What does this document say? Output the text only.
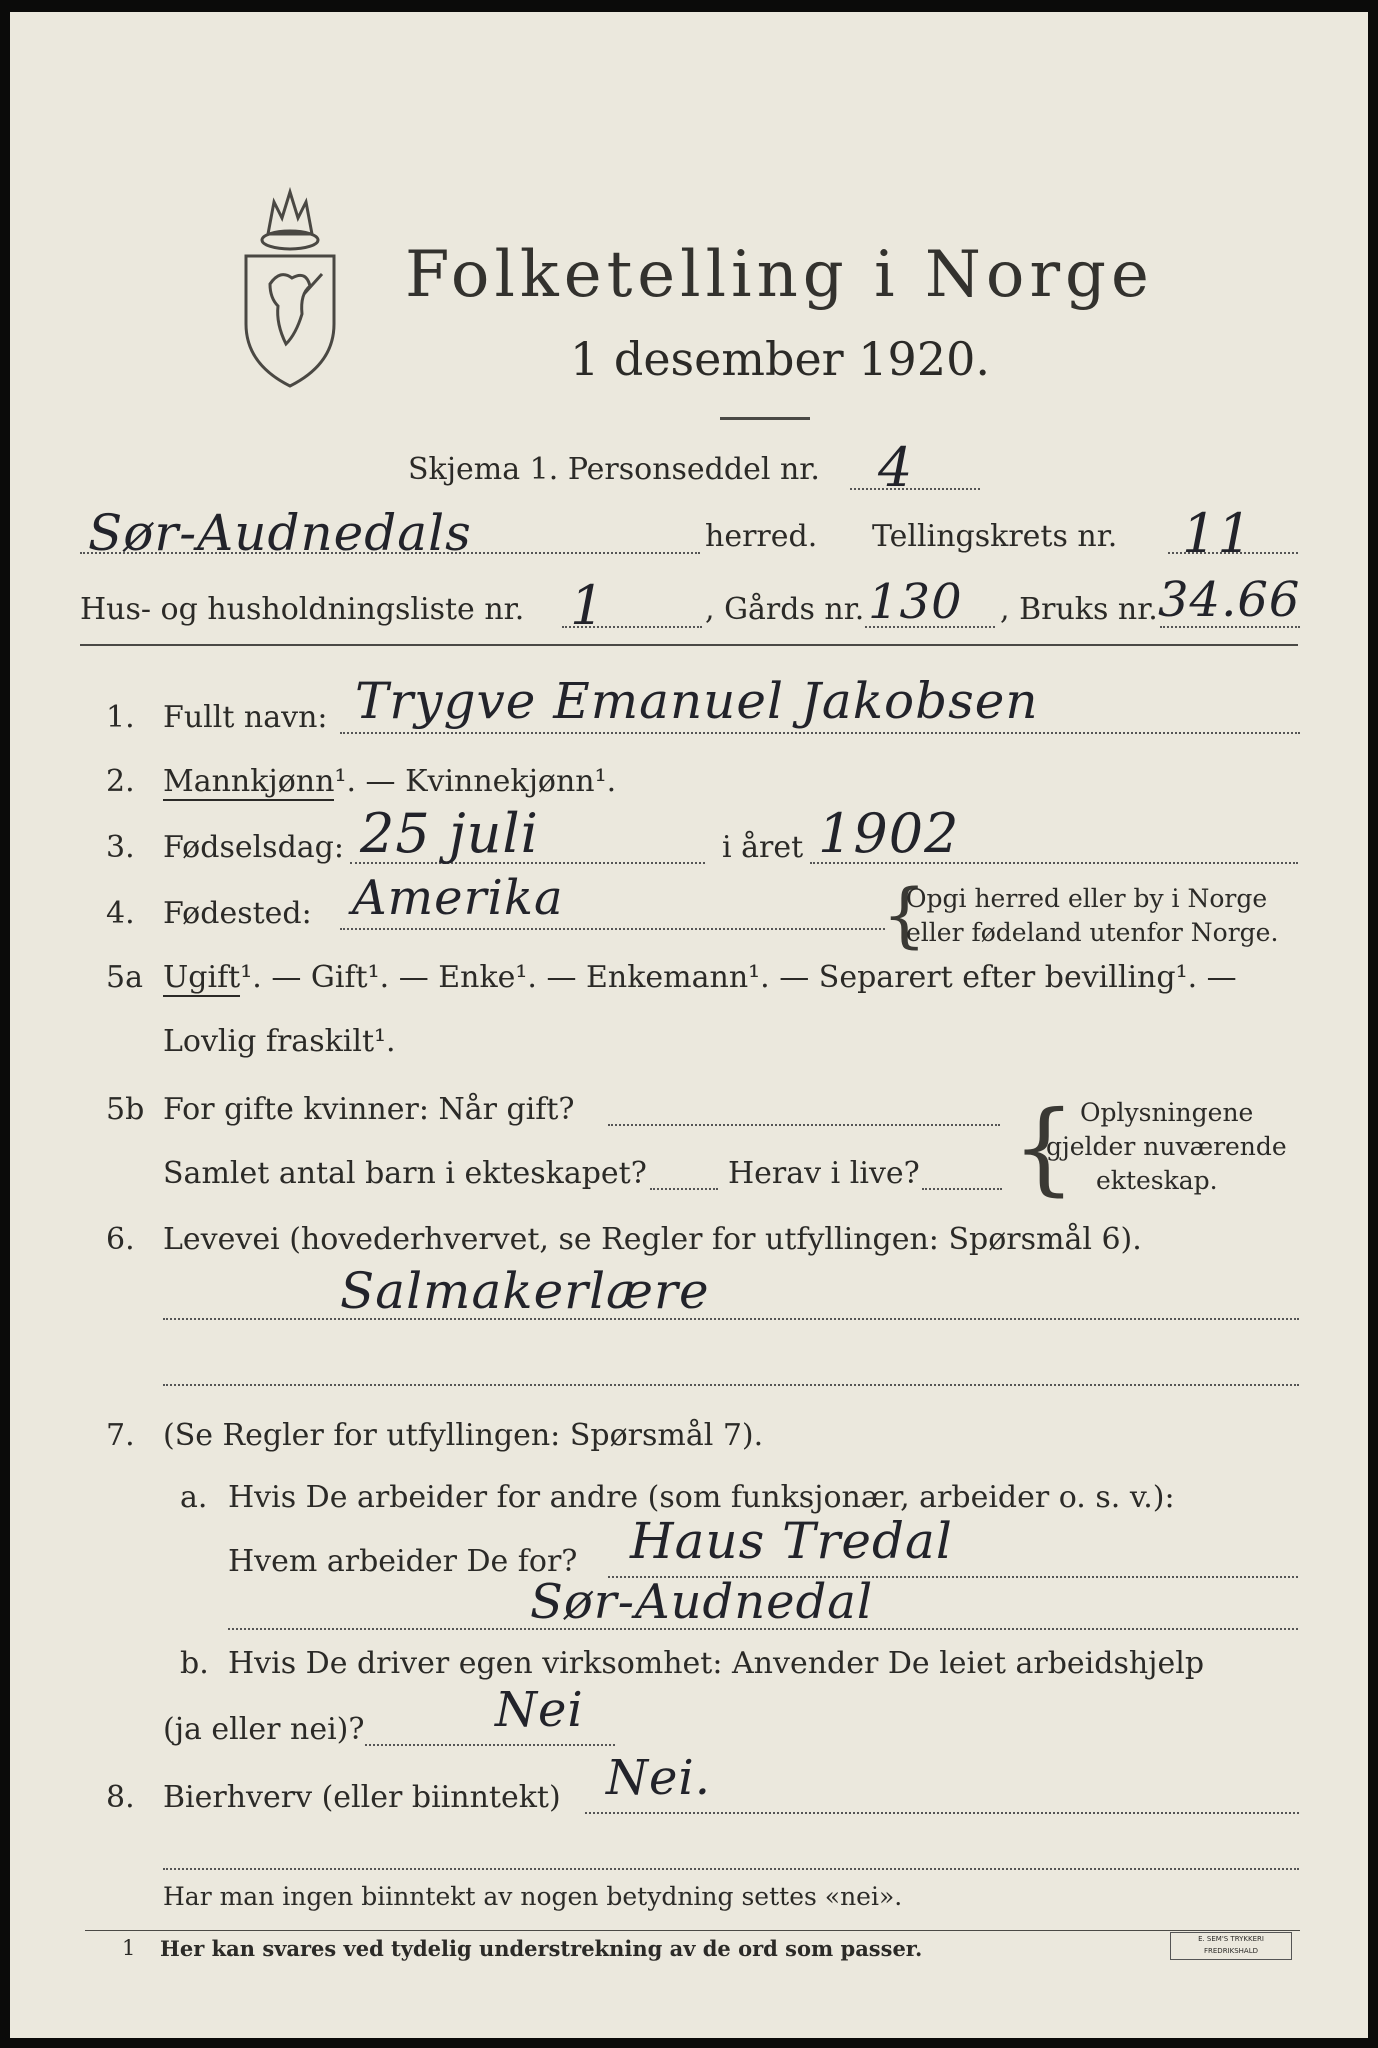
Folketelling i Norge
1 desember 1920.
Skjema 1. Personseddel nr. 4
Sør-Audnedals	herred. Tellingskrets nr. 11
Hus- og husholdningsliste nr. 1	, Gårds nr. 130 , Bruks nr. 34.66
1. Fullt navn: Trygve Emanuel Jakobsen
2. Mannkjønn¹. — Kvinnekjønn¹.
3. Fødselsdag: 25 juli	i året 1902
4. Fødested: Amerika	{
Opgi herred eller by i Norge
eller fødeland utenfor Norge.
5a Ugift¹. — Gift¹. — Enke¹. — Enkemann¹. — Separert efter bevilling¹. —
Lovlig fraskilt¹.
5b For gifte kvinner: Når gift?
Samlet antal barn i ekteskapet?	Herav i live? { Oplysningene
gjelder nuværende
ekteskap.
6. Levevei (hovederhvervet, se Regler for utfyllingen: Spørsmål 6).
Salmakerlære
7. (Se Regler for utfyllingen: Spørsmål 7).
a. Hvis De arbeider for andre (som funksjonær, arbeider o. s. v.):
Hvem arbeider De for? Haus Tredal
Sør-Audnedal
b. Hvis De driver egen virksomhet: Anvender De leiet arbeidshjelp
(ja eller nei)?	Nei
8. Bierhverv (eller biinntekt) Nei.
Har man ingen biinntekt av nogen betydning settes «nei».
1 Her kan svares ved tydelig understrekning av de ord som passer.	E. SEM'S TRYKKERI
FREDRIKSHALD
